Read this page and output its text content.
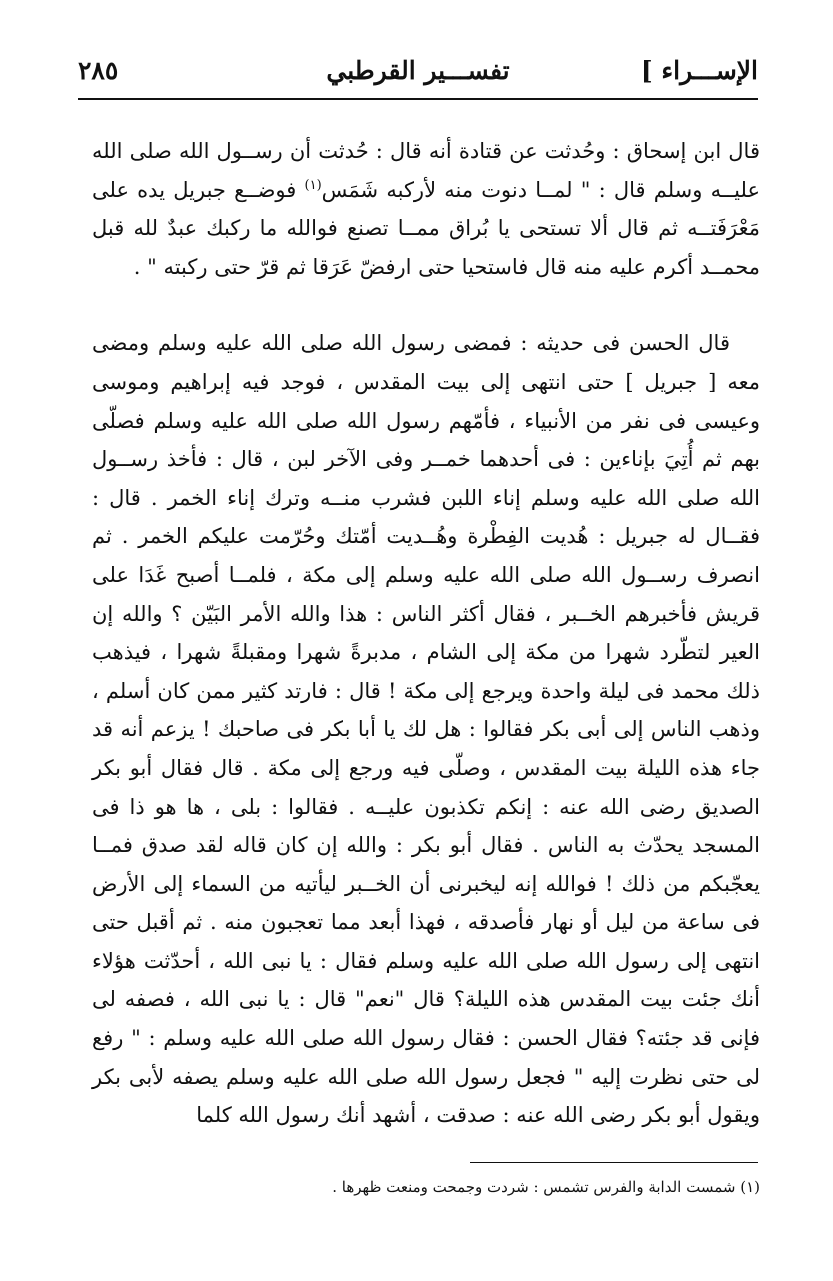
الإســـراء ]
تفســـير القرطبي
٢٨٥

قال ابن إسحاق : وحُدثت عن قتادة أنه قال : حُدثت أن رســول الله صلى الله عليــه وسلم قال : " لمــا دنوت منه لأركبه شَمَس$^{(١)}$ فوضــع جبريل يده على مَعْرَفَتــه ثم قال ألا تستحى يا بُراق ممــا تصنع فوالله ما ركبك عبدٌ لله قبل محمــد أكرم عليه منه قال فاستحيا حتى ارفضّ عَرَقا ثم قرّ حتى ركبته " .

قال الحسن فى حديثه : فمضى رسول الله صلى الله عليه وسلم ومضى معه [ جبريل ] حتى انتهى إلى بيت المقدس ، فوجد فيه إبراهيم وموسى وعيسى فى نفر من الأنبياء ، فأمّهم رسول الله صلى الله عليه وسلم فصلّى بهم ثم أُتِيَ بإناءين : فى أحدهما خمــر وفى الآخر لبن ، قال : فأخذ رســول الله صلى الله عليه وسلم إناء اللبن فشرب منــه وترك إناء الخمر . قال : فقــال له جبريل : هُديت الفِطْرة وهُــديت أمّتك وحُرّمت عليكم الخمر . ثم انصرف رســول الله صلى الله عليه وسلم إلى مكة ، فلمــا أصبح غَدَا على قريش فأخبرهم الخــبر ، فقال أكثر الناس : هذا والله الأمر البَيّن ؟ والله إن العير لتطّرد شهرا من مكة إلى الشام ، مدبرةً شهرا ومقبلةً شهرا ، فيذهب ذلك محمد فى ليلة واحدة ويرجع إلى مكة ! قال : فارتد كثير ممن كان أسلم ، وذهب الناس إلى أبى بكر فقالوا : هل لك يا أبا بكر فى صاحبك ! يزعم أنه قد جاء هذه الليلة بيت المقدس ، وصلّى فيه ورجع إلى مكة . قال فقال أبو بكر الصديق رضى الله عنه : إنكم تكذبون عليــه . فقالوا : بلى ، ها هو ذا فى المسجد يحدّث به الناس . فقال أبو بكر : والله إن كان قاله لقد صدق فمــا يعجّبكم من ذلك ! فوالله إنه ليخبرنى أن الخــبر ليأتيه من السماء إلى الأرض فى ساعة من ليل أو نهار فأصدقه ، فهذا أبعد مما تعجبون منه . ثم أقبل حتى انتهى إلى رسول الله صلى الله عليه وسلم فقال : يا نبى الله ، أحدّثت هؤلاء أنك جئت بيت المقدس هذه الليلة؟ قال "نعم" قال : يا نبى الله ، فصفه لى فإنى قد جئته؟ فقال الحسن : فقال رسول الله صلى الله عليه وسلم : " رفع لى حتى نظرت إليه " فجعل رسول الله صلى الله عليه وسلم يصفه لأبى بكر ويقول أبو بكر رضى الله عنه : صدقت ، أشهد أنك رسول الله كلما

(١) شمست الدابة والفرس تشمس : شردت وجمحت ومنعت ظهرها .
